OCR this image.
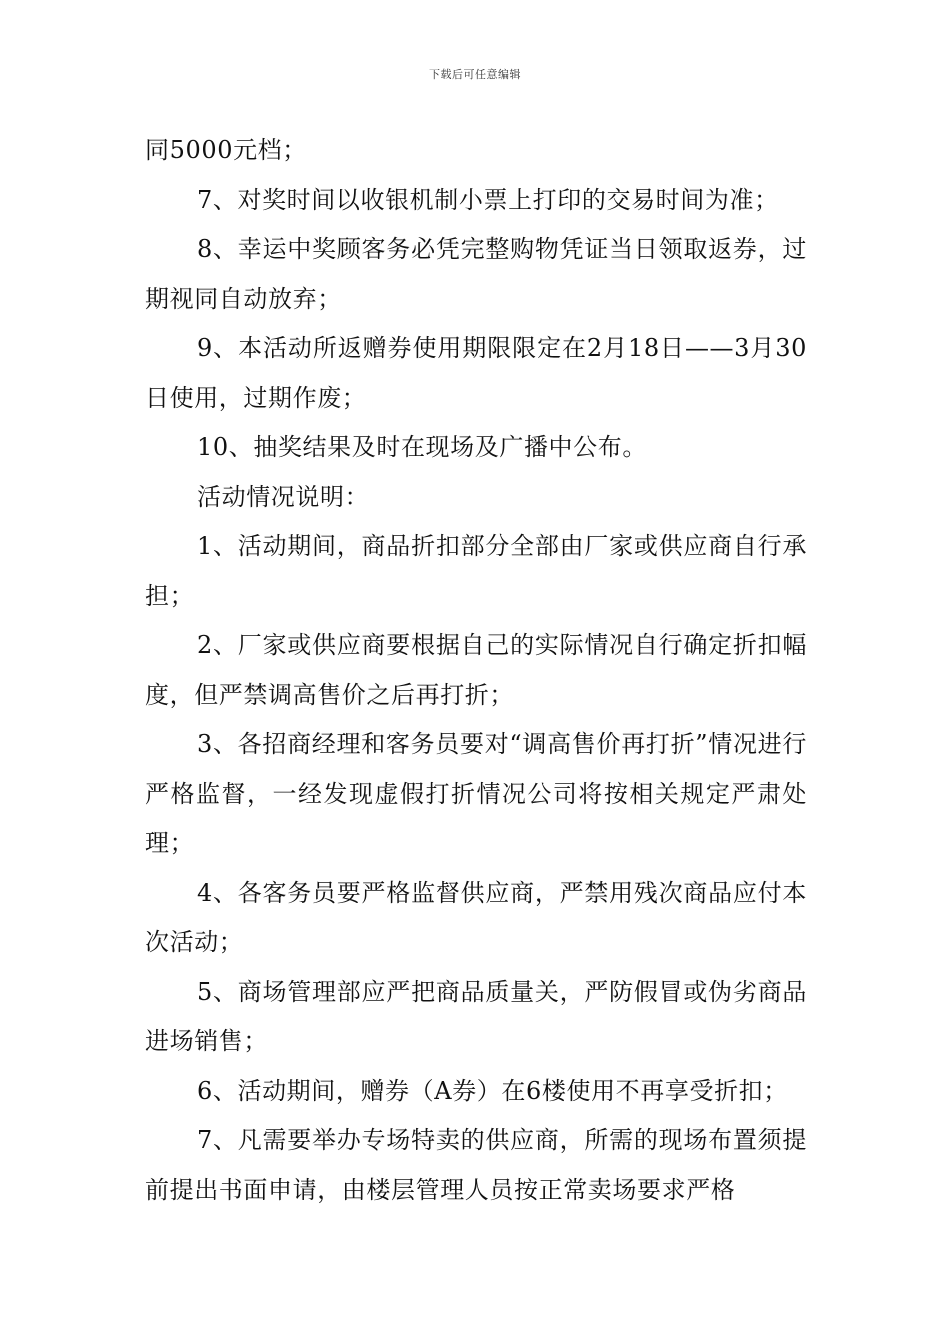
下载后可任意编辑

同5000元档；

7、对奖时间以收银机制小票上打印的交易时间为准；

8、幸运中奖顾客务必凭完整购物凭证当日领取返券，过期视同自动放弃；

9、本活动所返赠券使用期限限定在2月18日——3月30日使用，过期作废；

10、抽奖结果及时在现场及广播中公布。

活动情况说明：

1、活动期间，商品折扣部分全部由厂家或供应商自行承担；

2、厂家或供应商要根据自己的实际情况自行确定折扣幅度，但严禁调高售价之后再打折；

3、各招商经理和客务员要对“调高售价再打折”情况进行严格监督，一经发现虚假打折情况公司将按相关规定严肃处理；

4、各客务员要严格监督供应商，严禁用残次商品应付本次活动；

5、商场管理部应严把商品质量关，严防假冒或伪劣商品进场销售；

6、活动期间，赠券（A券）在6楼使用不再享受折扣；

7、凡需要举办专场特卖的供应商，所需的现场布置须提前提出书面申请，由楼层管理人员按正常卖场要求严格
